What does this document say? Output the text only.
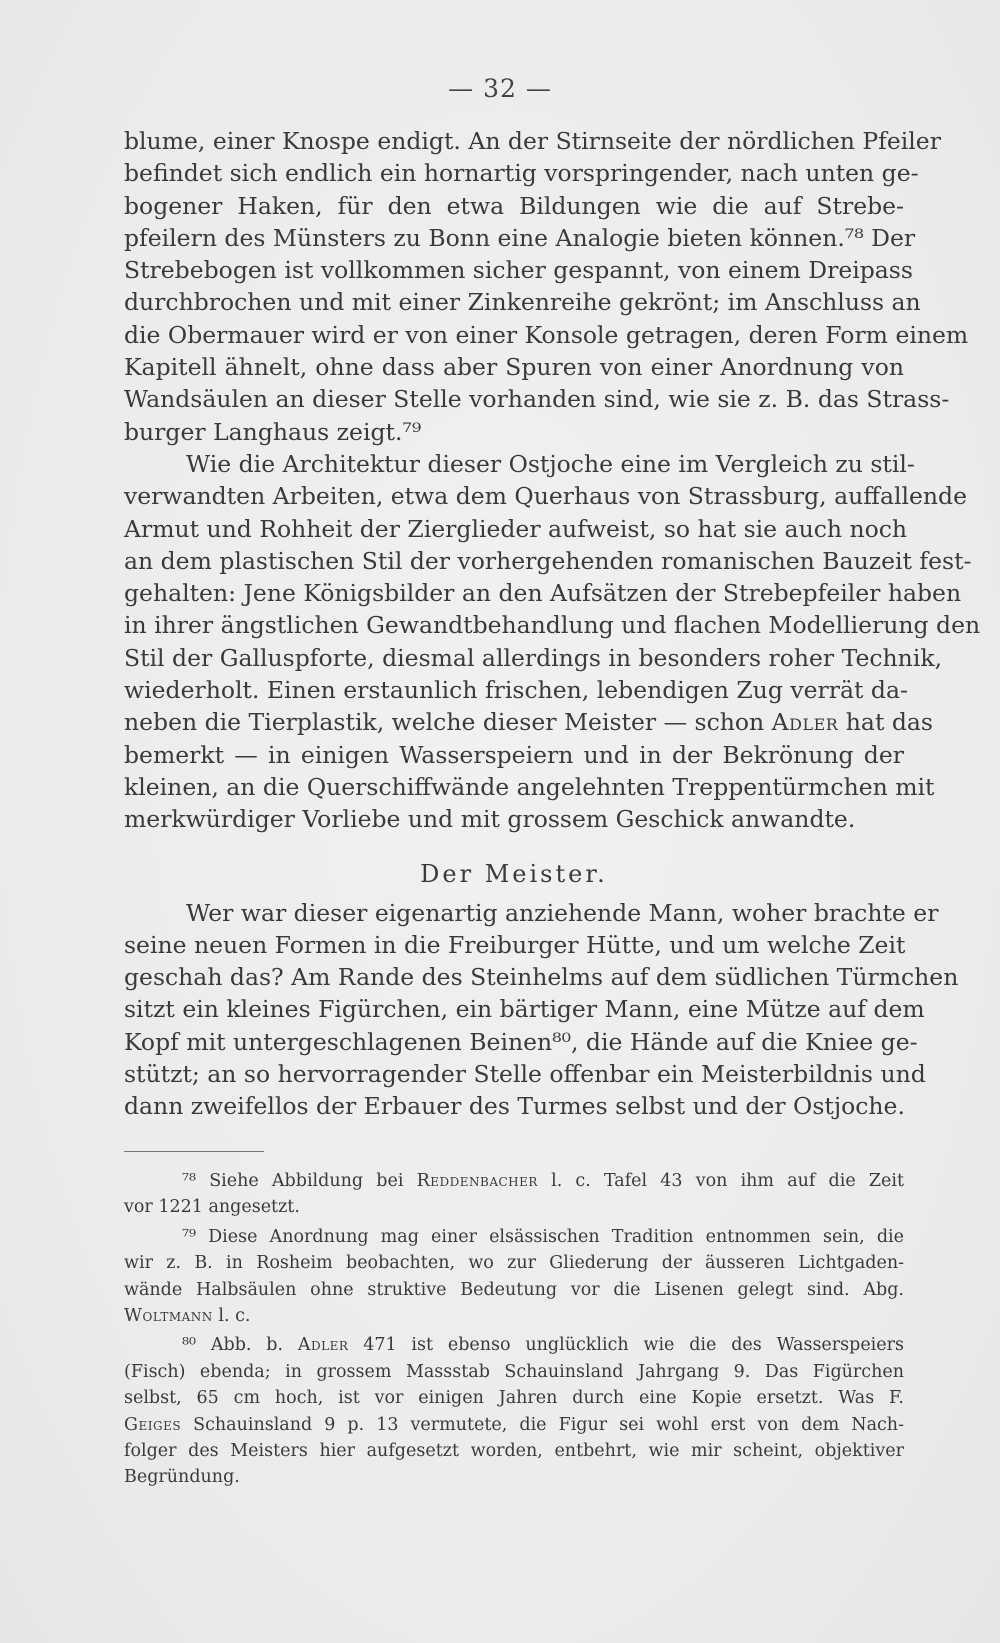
— 32 —
blume, einer Knospe endigt. An der Stirnseite der nördlichen Pfeiler
befindet sich endlich ein hornartig vorspringender, nach unten ge-
bogener Haken, für den etwa Bildungen wie die auf Strebe-
pfeilern des Münsters zu Bonn eine Analogie bieten können.⁷⁸ Der
Strebebogen ist vollkommen sicher gespannt, von einem Dreipass
durchbrochen und mit einer Zinkenreihe gekrönt; im Anschluss an
die Obermauer wird er von einer Konsole getragen, deren Form einem
Kapitell ähnelt, ohne dass aber Spuren von einer Anordnung von
Wandsäulen an dieser Stelle vorhanden sind, wie sie z. B. das Strass-
burger Langhaus zeigt.⁷⁹
Wie die Architektur dieser Ostjoche eine im Vergleich zu stil-
verwandten Arbeiten, etwa dem Querhaus von Strassburg, auffallende
Armut und Rohheit der Zierglieder aufweist, so hat sie auch noch
an dem plastischen Stil der vorhergehenden romanischen Bauzeit fest-
gehalten: Jene Königsbilder an den Aufsätzen der Strebepfeiler haben
in ihrer ängstlichen Gewandtbehandlung und flachen Modellierung den
Stil der Galluspforte, diesmal allerdings in besonders roher Technik,
wiederholt. Einen erstaunlich frischen, lebendigen Zug verrät da-
neben die Tierplastik, welche dieser Meister — schon Adler hat das
bemerkt — in einigen Wasserspeiern und in der Bekrönung der
kleinen, an die Querschiffwände angelehnten Treppentürmchen mit
merkwürdiger Vorliebe und mit grossem Geschick anwandte.
Der Meister.
Wer war dieser eigenartig anziehende Mann, woher brachte er
seine neuen Formen in die Freiburger Hütte, und um welche Zeit
geschah das? Am Rande des Steinhelms auf dem südlichen Türmchen
sitzt ein kleines Figürchen, ein bärtiger Mann, eine Mütze auf dem
Kopf mit untergeschlagenen Beinen⁸⁰, die Hände auf die Kniee ge-
stützt; an so hervorragender Stelle offenbar ein Meisterbildnis und
dann zweifellos der Erbauer des Turmes selbst und der Ostjoche.
⁷⁸ Siehe Abbildung bei Reddenbacher l. c. Tafel 43 von ihm auf die Zeit
vor 1221 angesetzt.
⁷⁹ Diese Anordnung mag einer elsässischen Tradition entnommen sein, die
wir z. B. in Rosheim beobachten, wo zur Gliederung der äusseren Lichtgaden-
wände Halbsäulen ohne struktive Bedeutung vor die Lisenen gelegt sind. Abg.
Woltmann l. c.
⁸⁰ Abb. b. Adler 471 ist ebenso unglücklich wie die des Wasserspeiers
(Fisch) ebenda; in grossem Massstab Schauinsland Jahrgang 9. Das Figürchen
selbst, 65 cm hoch, ist vor einigen Jahren durch eine Kopie ersetzt. Was F.
Geiges Schauinsland 9 p. 13 vermutete, die Figur sei wohl erst von dem Nach-
folger des Meisters hier aufgesetzt worden, entbehrt, wie mir scheint, objektiver
Begründung.
